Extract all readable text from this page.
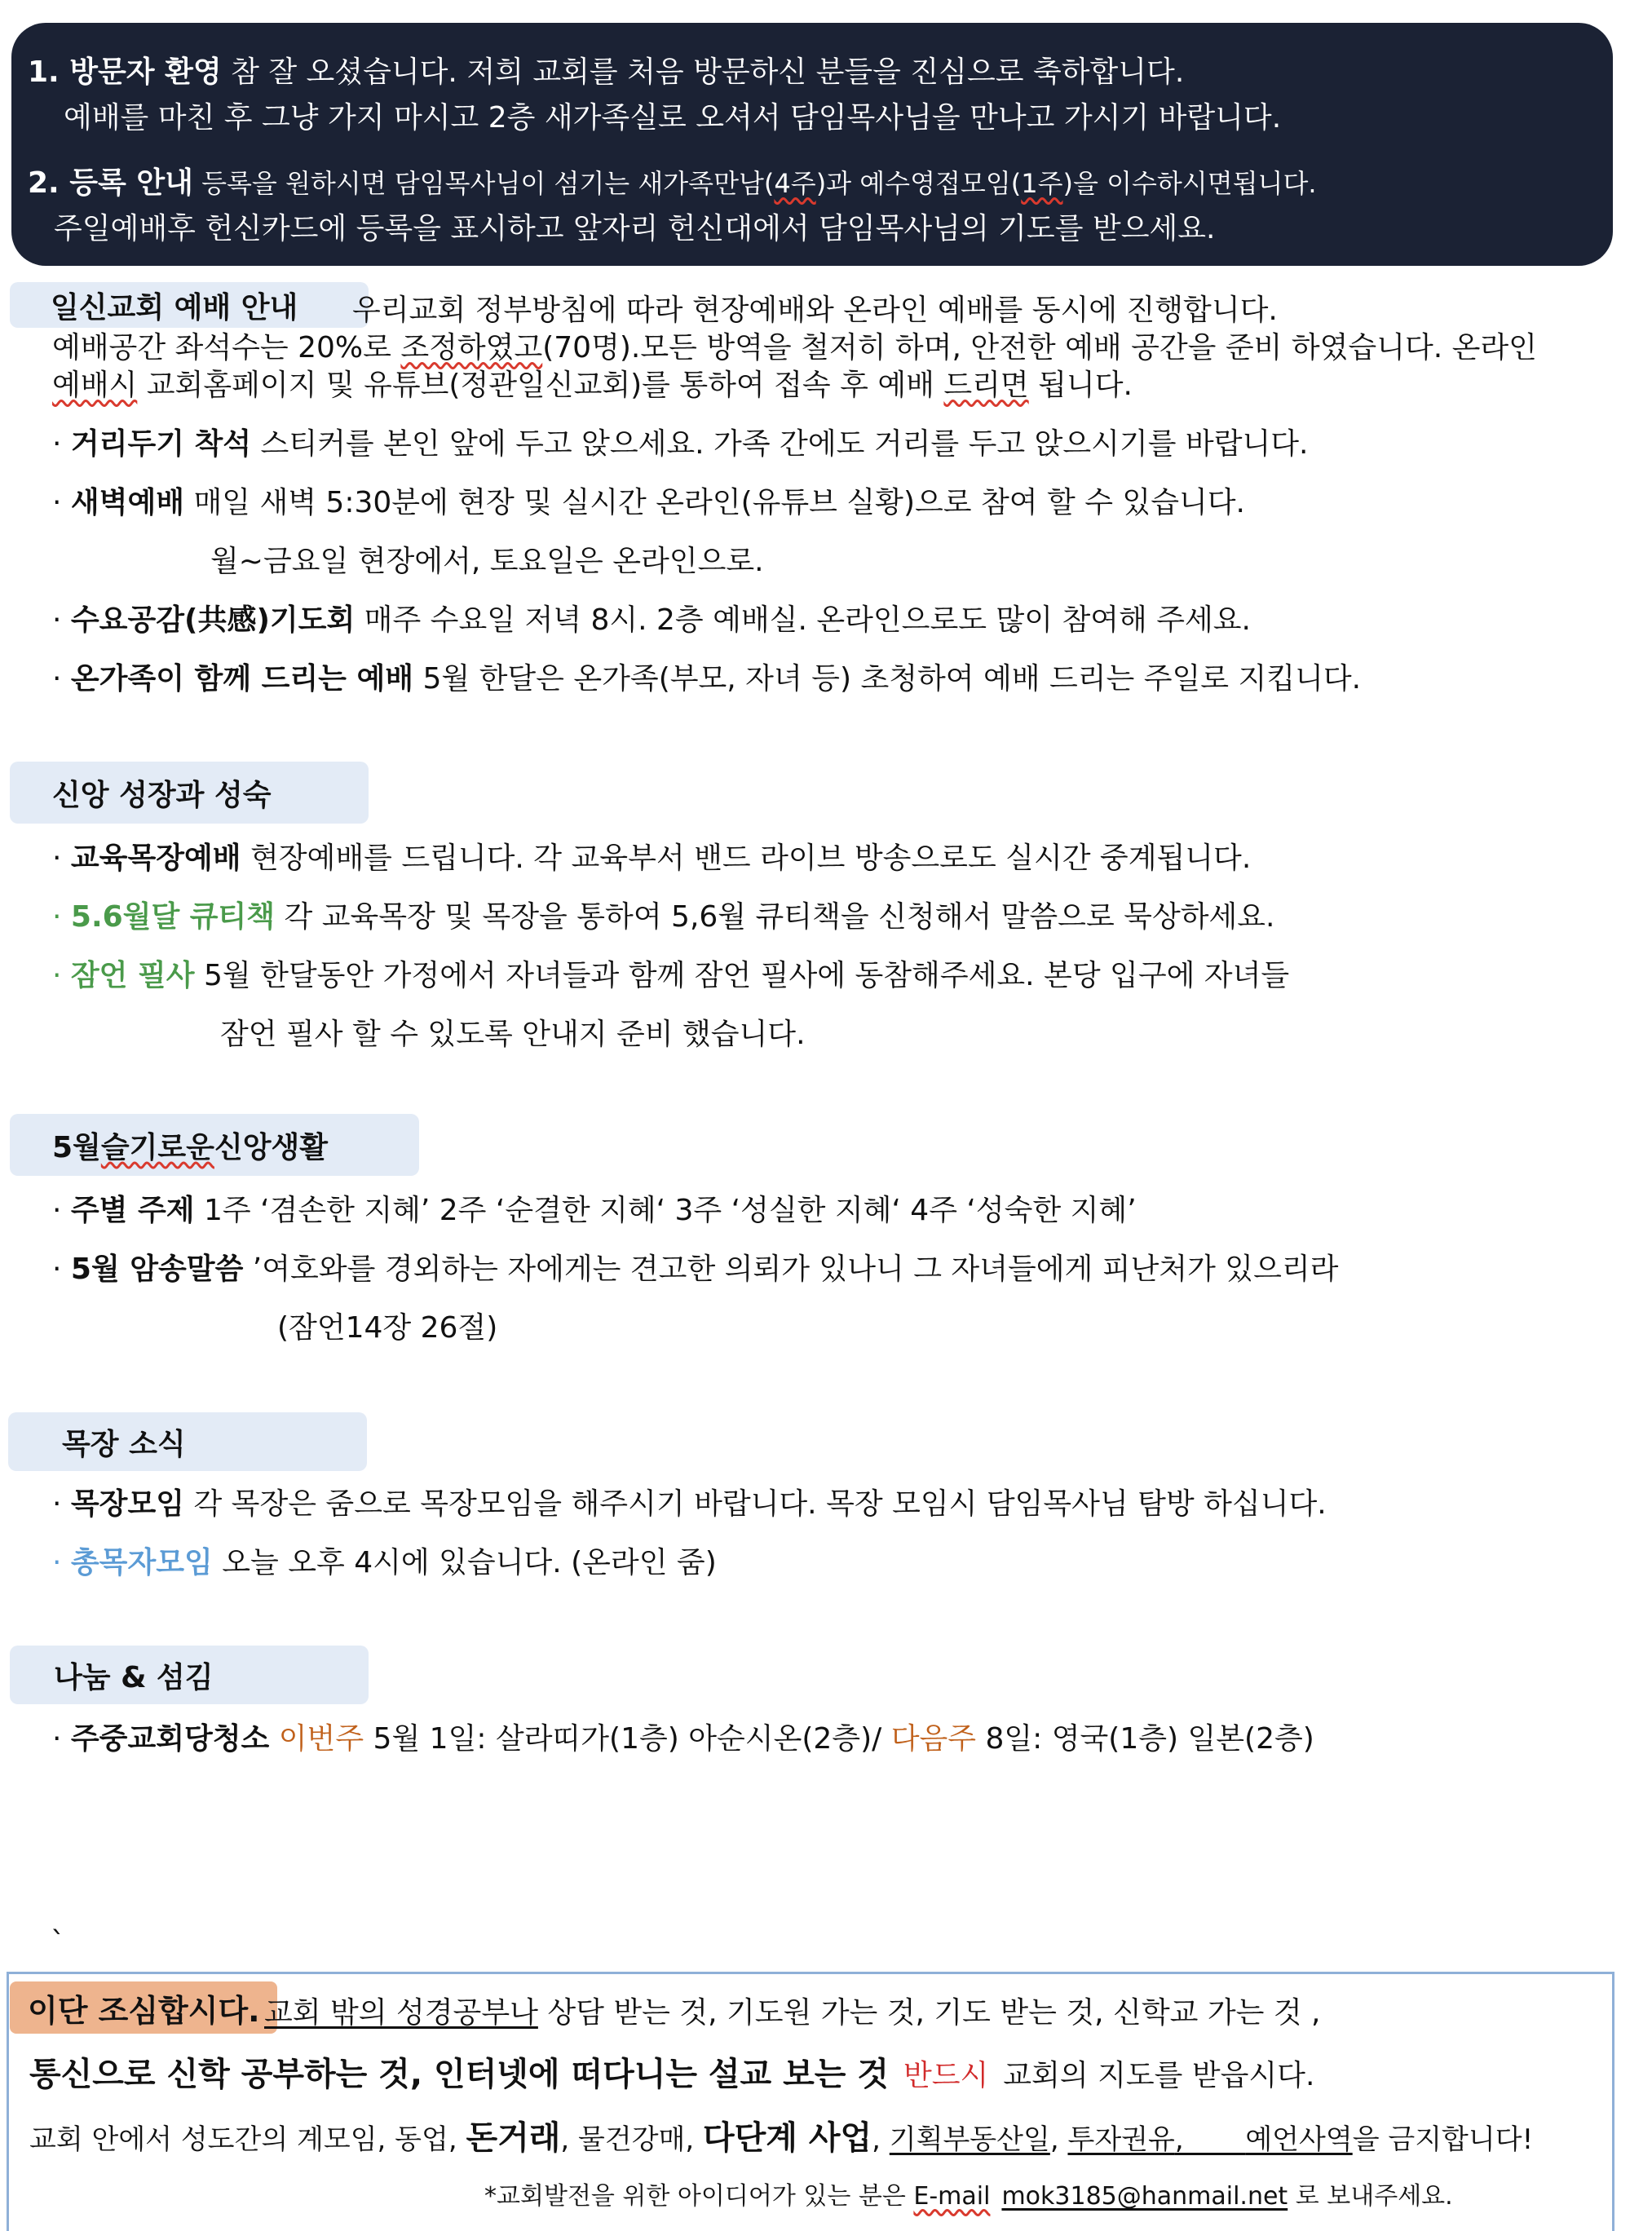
1. 방문자 환영 참 잘 오셨습니다. 저희 교회를 처음 방문하신 분들을 진심으로 축하합니다.
예배를 마친 후 그냥 가지 마시고 2층 새가족실로 오셔서 담임목사님을 만나고 가시기 바랍니다.
2. 등록 안내 등록을 원하시면 담임목사님이 섬기는 새가족만남(4주)과 예수영접모임(1주)을 이수하시면됩니다.
주일예배후 헌신카드에 등록을 표시하고 앞자리 헌신대에서 담임목사님의 기도를 받으세요.
일신교회 예배 안내	우리교회 정부방침에 따라 현장예배와 온라인 예배를 동시에 진행합니다.
예배공간 좌석수는 20%로 조정하였고(70명).모든 방역을 철저히 하며, 안전한 예배 공간을 준비 하였습니다. 온라인
예배시 교회홈페이지 및 유튜브(정관일신교회)를 통하여 접속 후 예배 드리면 됩니다.
· 거리두기 착석 스티커를 본인 앞에 두고 앉으세요. 가족 간에도 거리를 두고 앉으시기를 바랍니다.
· 새벽예배 매일 새벽 5:30분에 현장 및 실시간 온라인(유튜브 실황)으로 참여 할 수 있습니다.
월~금요일 현장에서, 토요일은 온라인으로.
· 수요공감(共感)기도회 매주 수요일 저녁 8시. 2층 예배실. 온라인으로도 많이 참여해 주세요.
· 온가족이 함께 드리는 예배 5월 한달은 온가족(부모, 자녀 등) 초청하여 예배 드리는 주일로 지킵니다.
신앙 성장과 성숙
· 교육목장예배 현장예배를 드립니다. 각 교육부서 밴드 라이브 방송으로도 실시간 중계됩니다.
· 5.6월달 큐티책 각 교육목장 및 목장을 통하여 5,6월 큐티책을 신청해서 말씀으로 묵상하세요.
· 잠언 필사 5월 한달동안 가정에서 자녀들과 함께 잠언 필사에 동참해주세요. 본당 입구에 자녀들
잠언 필사 할 수 있도록 안내지 준비 했습니다.
5월 슬기로운 신앙생활
· 주별 주제 1주 ‘겸손한 지혜’ 2주 ‘순결한 지혜‘ 3주 ‘성실한 지혜‘ 4주 ‘성숙한 지혜’
· 5월 암송말씀 ’여호와를 경외하는 자에게는 견고한 의뢰가 있나니 그 자녀들에게 피난처가 있으리라
(잠언14장 26절)
목장 소식
· 목장모임 각 목장은 줌으로 목장모임을 해주시기 바랍니다. 목장 모임시 담임목사님 탐방 하십니다.
· 총목자모임 오늘 오후 4시에 있습니다. (온라인 줌)
나눔 & 섬김
· 주중교회당청소 이번주 5월 1일: 살라띠가(1층) 아순시온(2층)/ 다음주 8일: 영국(1층) 일본(2층)
`
이단 조심합시다. 교회 밖의 성경공부나 상담 받는 것, 기도원 가는 것, 기도 받는 것, 신학교 가는 것 ,
통신으로 신학 공부하는 것, 인터넷에 떠다니는 설교 보는 것 반드시 교회의 지도를 받읍시다.
교회 안에서 성도간의 계모임, 동업, 돈거래, 물건강매, 다단계 사업, 기획부동산일, 투자권유,       예언사역을 금지합니다!
*교회발전을 위한 아이디어가 있는 분은 E-mail mok3185@hanmail.net 로 보내주세요.
